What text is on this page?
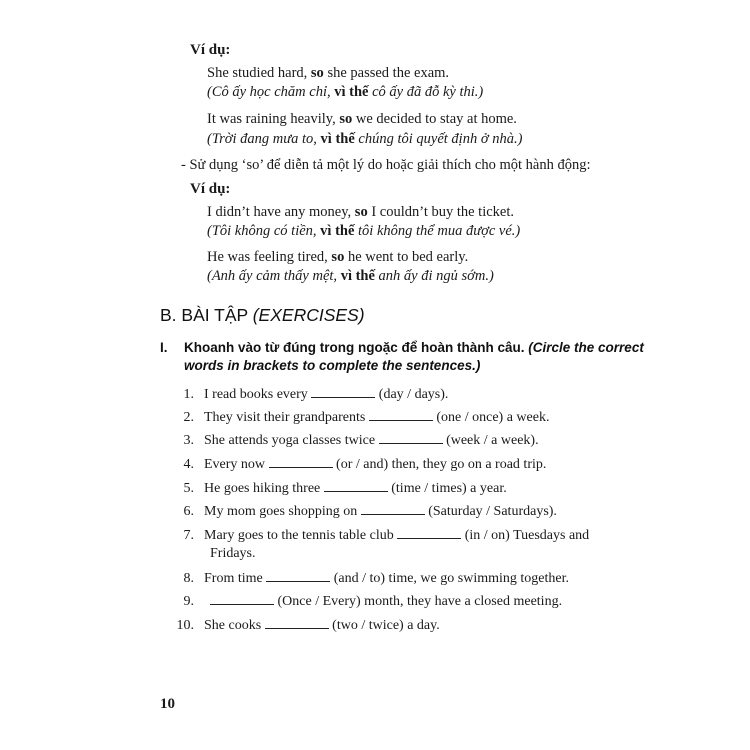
Ví dụ:
She studied hard, so she passed the exam.
(Cô ấy học chăm chỉ, vì thế cô ấy đã đỗ kỳ thi.)
It was raining heavily, so we decided to stay at home.
(Trời đang mưa to, vì thế chúng tôi quyết định ở nhà.)
- Sử dụng ‘so’ để diễn tả một lý do hoặc giải thích cho một hành động:
Ví dụ:
I didn’t have any money, so I couldn’t buy the ticket.
(Tôi không có tiền, vì thế tôi không thể mua được vé.)
He was feeling tired, so he went to bed early.
(Anh ấy cảm thấy mệt, vì thế anh ấy đi ngủ sớm.)
B. BÀI TẬP (EXERCISES)
I. Khoanh vào từ đúng trong ngoặc để hoàn thành câu. (Circle the correct
words in brackets to complete the sentences.)
1. I read books every	(day / days).
2. They visit their grandparents	(one / once) a week.
3. She attends yoga classes twice	(week / a week).
4. Every now	(or / and) then, they go on a road trip.
5. He goes hiking three	(time / times) a year.
6. My mom goes shopping on	(Saturday / Saturdays).
7. Mary goes to the tennis table club	(in / on) Tuesdays and
Fridays.
8. From time	(and / to) time, we go swimming together.
9.	(Once / Every) month, they have a closed meeting.
10. She cooks	(two / twice) a day.
10
